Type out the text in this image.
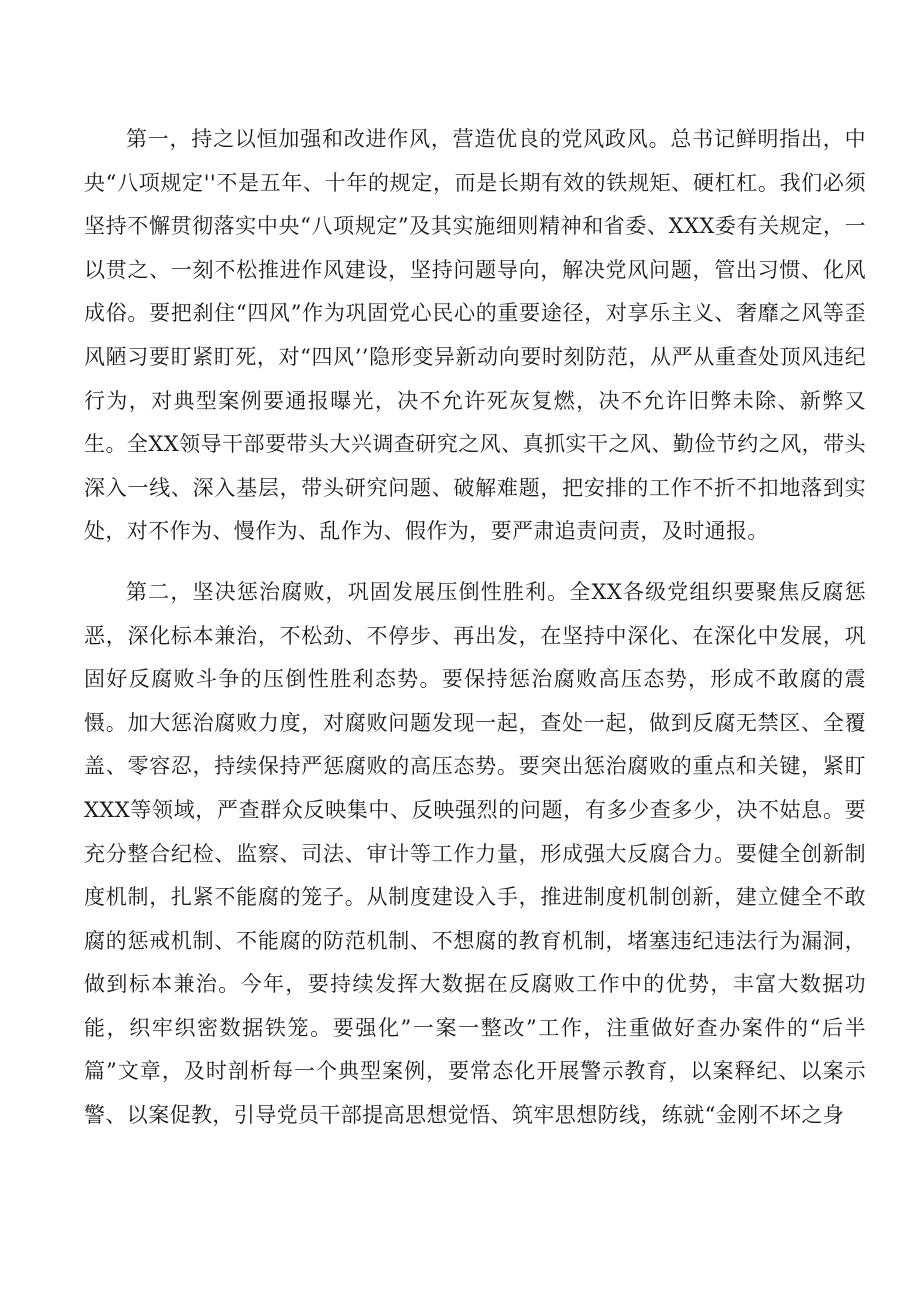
第一，持之以恒加强和改进作风，营造优良的党风政风。总书记鲜明指出，中央“八项规定''不是五年、十年的规定，而是长期有效的铁规矩、硬杠杠。我们必须坚持不懈贯彻落实中央“八项规定”及其实施细则精神和省委、XXX委有关规定，一以贯之、一刻不松推进作风建设，坚持问题导向，解决党风问题，管出习惯、化风成俗。要把刹住“四风”作为巩固党心民心的重要途径，对享乐主义、奢靡之风等歪风陋习要盯紧盯死，对“四风’’隐形变异新动向要时刻防范，从严从重查处顶风违纪行为，对典型案例要通报曝光，决不允许死灰复燃，决不允许旧弊未除、新弊又生。全XX领导干部要带头大兴调查研究之风、真抓实干之风、勤俭节约之风，带头深入一线、深入基层，带头研究问题、破解难题，把安排的工作不折不扣地落到实处，对不作为、慢作为、乱作为、假作为，要严肃追责问责，及时通报。

第二，坚决惩治腐败，巩固发展压倒性胜利。全XX各级党组织要聚焦反腐惩恶，深化标本兼治，不松劲、不停步、再出发，在坚持中深化、在深化中发展，巩固好反腐败斗争的压倒性胜利态势。要保持惩治腐败高压态势，形成不敢腐的震慑。加大惩治腐败力度，对腐败问题发现一起，查处一起，做到反腐无禁区、全覆盖、零容忍，持续保持严惩腐败的高压态势。要突出惩治腐败的重点和关键，紧盯XXX等领域，严查群众反映集中、反映强烈的问题，有多少查多少，决不姑息。要充分整合纪检、监察、司法、审计等工作力量，形成强大反腐合力。要健全创新制度机制，扎紧不能腐的笼子。从制度建设入手，推进制度机制创新，建立健全不敢腐的惩戒机制、不能腐的防范机制、不想腐的教育机制，堵塞违纪违法行为漏洞，做到标本兼治。今年，要持续发挥大数据在反腐败工作中的优势，丰富大数据功能，织牢织密数据铁笼。要强化”一案一整改”工作，注重做好查办案件的“后半篇”文章，及时剖析每一个典型案例，要常态化开展警示教育，以案释纪、以案示警、以案促教，引导党员干部提高思想觉悟、筑牢思想防线，练就“金刚不坏之身
